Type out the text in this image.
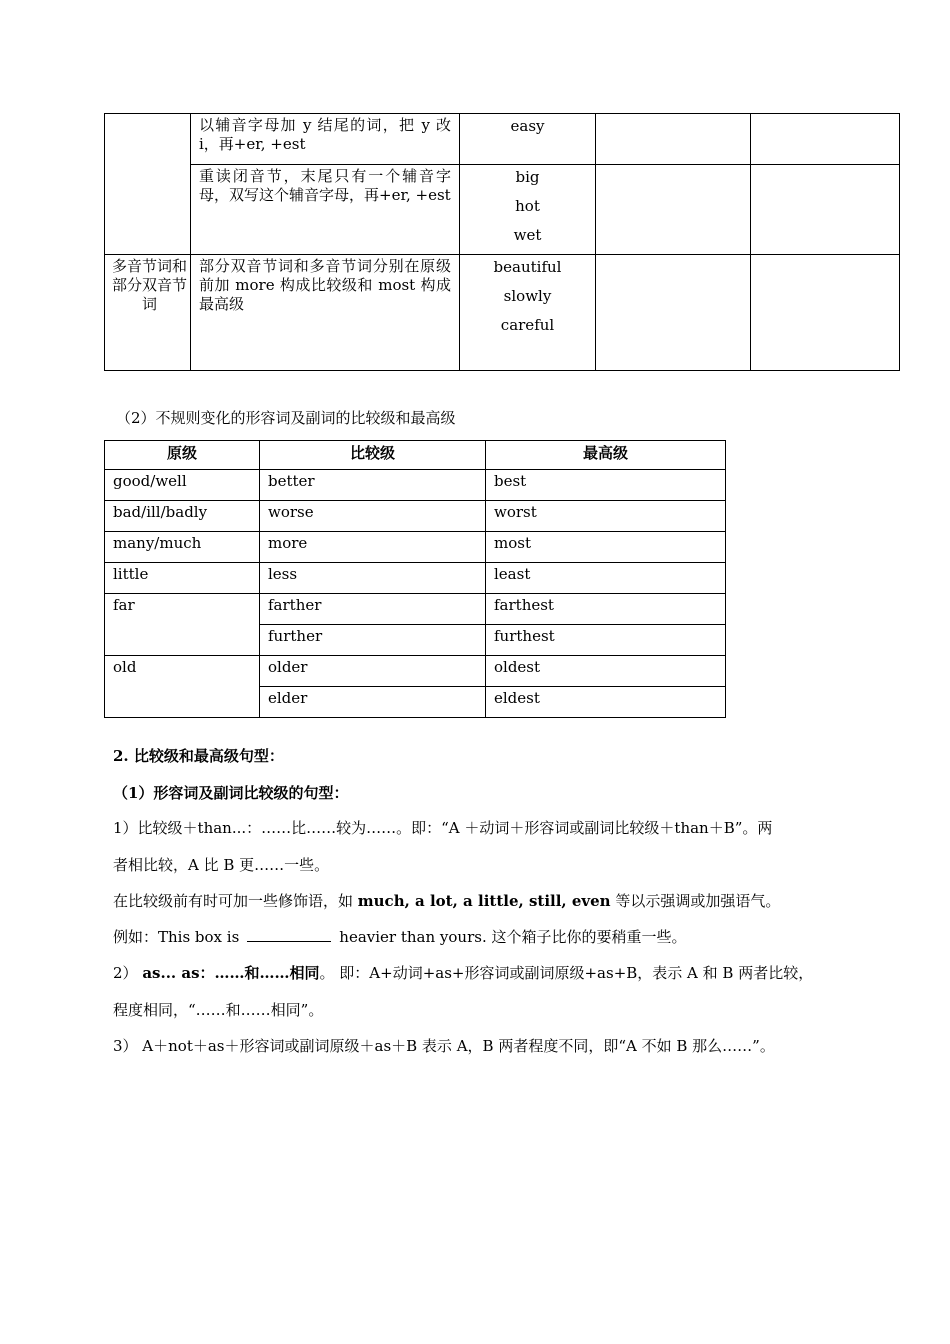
	以辅音字母加 y 结尾的词，把 y 改 i，再+er, +est	easy		

	重读闭音节，末尾只有一个辅音字母，双写这个辅音字母，再+er, +est	big
hot
wet		

多音节词和部分双音节词	部分双音节词和多音节词分别在原级前加 more 构成比较级和 most 构成最高级	beautiful
slowly
careful		

（2）不规则变化的形容词及副词的比较级和最高级
原级	比较级	最高级
good/well	better	best
bad/ill/badly	worse	worst
many/much	more	most
little	less	least
far	farther	farthest
	further	furthest
old	older	oldest
	elder	eldest
2. 比较级和最高级句型：
（1）形容词及副词比较级的句型：
1）比较级＋than...：……比……较为……。即：“A ＋动词＋形容词或副词比较级＋than＋B”。两
者相比较，A 比 B 更……一些。
在比较级前有时可加一些修饰语，如 much, a lot, a little, still, even 等以示强调或加强语气。
例如：This box is	heavier than yours. 这个箱子比你的要稍重一些。
2） as... as：……和……相同。 即：A+动词+as+形容词或副词原级+as+B，表示 A 和 B 两者比较，
程度相同，“……和……相同”。
3） A＋not＋as＋形容词或副词原级＋as＋B 表示 A，B 两者程度不同，即“A 不如 B 那么……”。
